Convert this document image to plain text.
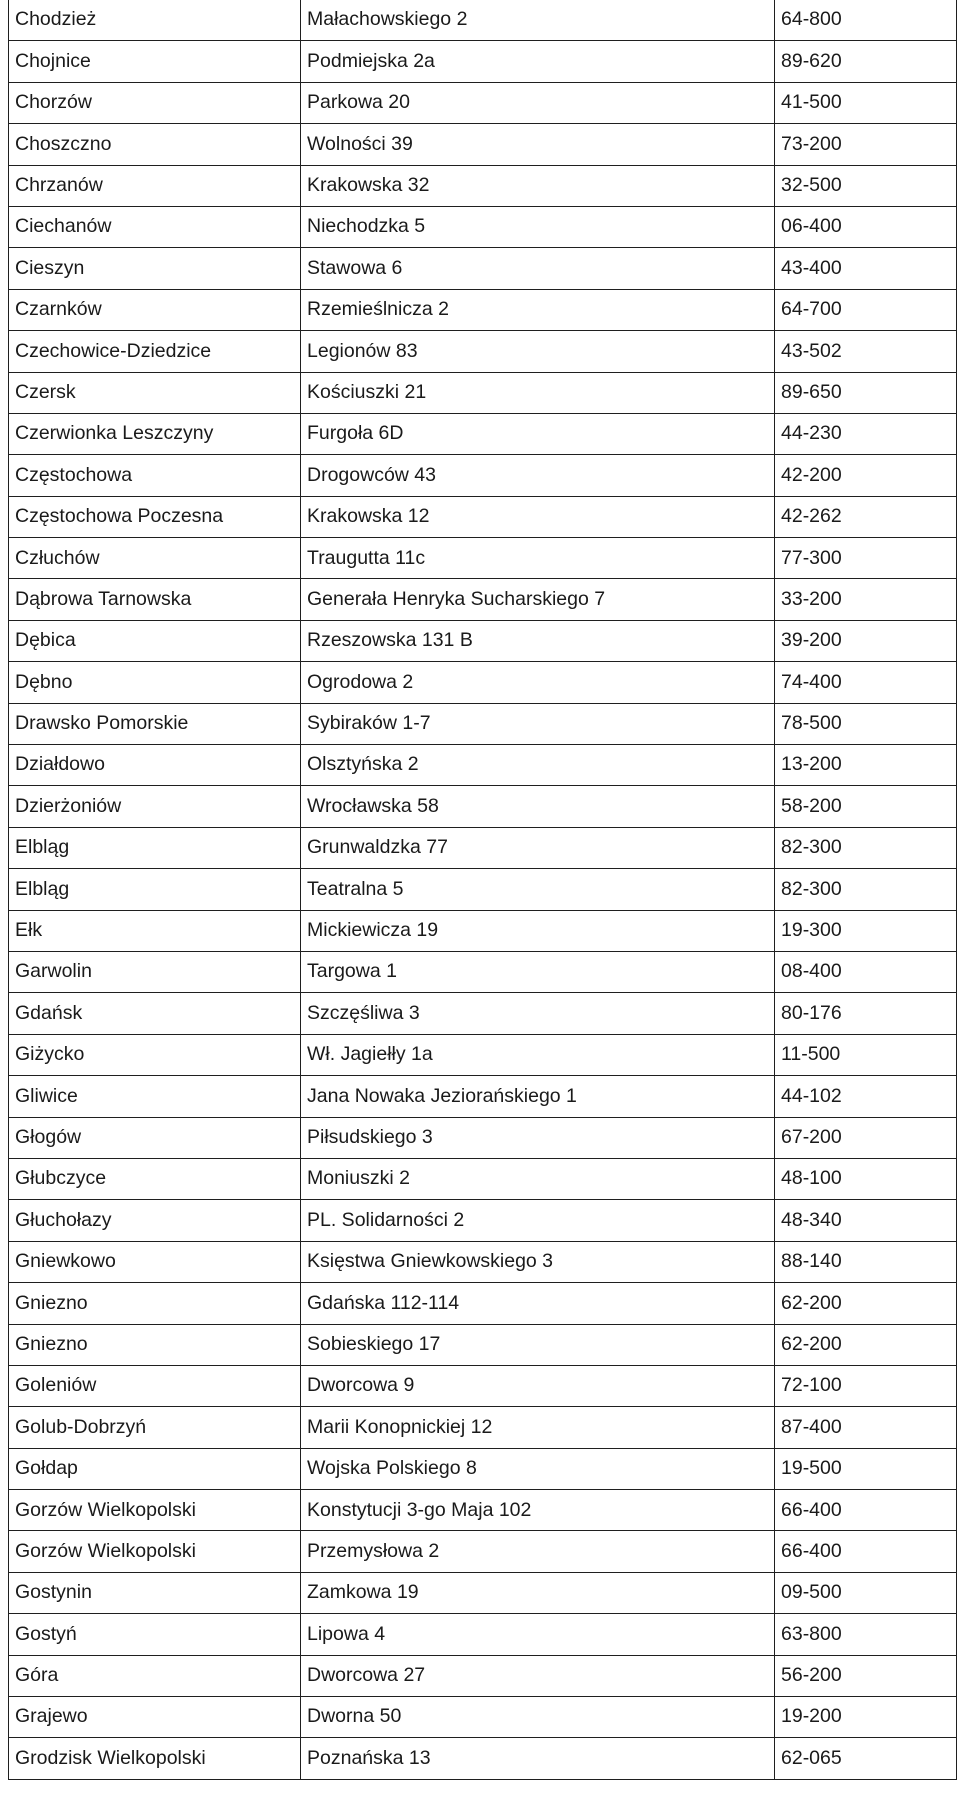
Chodzież	Małachowskiego 2	64-800
Chojnice	Podmiejska 2a	89-620
Chorzów	Parkowa 20	41-500
Choszczno	Wolności 39	73-200
Chrzanów	Krakowska 32	32-500
Ciechanów	Niechodzka 5	06-400
Cieszyn	Stawowa 6	43-400
Czarnków	Rzemieślnicza 2	64-700
Czechowice-Dziedzice	Legionów 83	43-502
Czersk	Kościuszki 21	89-650
Czerwionka Leszczyny	Furgoła 6D	44-230
Częstochowa	Drogowców 43	42-200
Częstochowa Poczesna	Krakowska 12	42-262
Człuchów	Traugutta 11c	77-300
Dąbrowa Tarnowska	Generała Henryka Sucharskiego 7	33-200
Dębica	Rzeszowska 131 B	39-200
Dębno	Ogrodowa 2	74-400
Drawsko Pomorskie	Sybiraków 1-7	78-500
Działdowo	Olsztyńska 2	13-200
Dzierżoniów	Wrocławska 58	58-200
Elbląg	Grunwaldzka 77	82-300
Elbląg	Teatralna 5	82-300
Ełk	Mickiewicza 19	19-300
Garwolin	Targowa 1	08-400
Gdańsk	Szczęśliwa 3	80-176
Giżycko	Wł. Jagiełły 1a	11-500
Gliwice	Jana Nowaka Jeziorańskiego 1	44-102
Głogów	Piłsudskiego 3	67-200
Głubczyce	Moniuszki 2	48-100
Głuchołazy	PL. Solidarności 2	48-340
Gniewkowo	Księstwa Gniewkowskiego 3	88-140
Gniezno	Gdańska 112-114	62-200
Gniezno	Sobieskiego 17	62-200
Goleniów	Dworcowa 9	72-100
Golub-Dobrzyń	Marii Konopnickiej 12	87-400
Gołdap	Wojska Polskiego 8	19-500
Gorzów Wielkopolski	Konstytucji 3-go Maja 102	66-400
Gorzów Wielkopolski	Przemysłowa 2	66-400
Gostynin	Zamkowa 19	09-500
Gostyń	Lipowa 4	63-800
Góra	Dworcowa 27	56-200
Grajewo	Dworna 50	19-200
Grodzisk Wielkopolski	Poznańska 13	62-065
